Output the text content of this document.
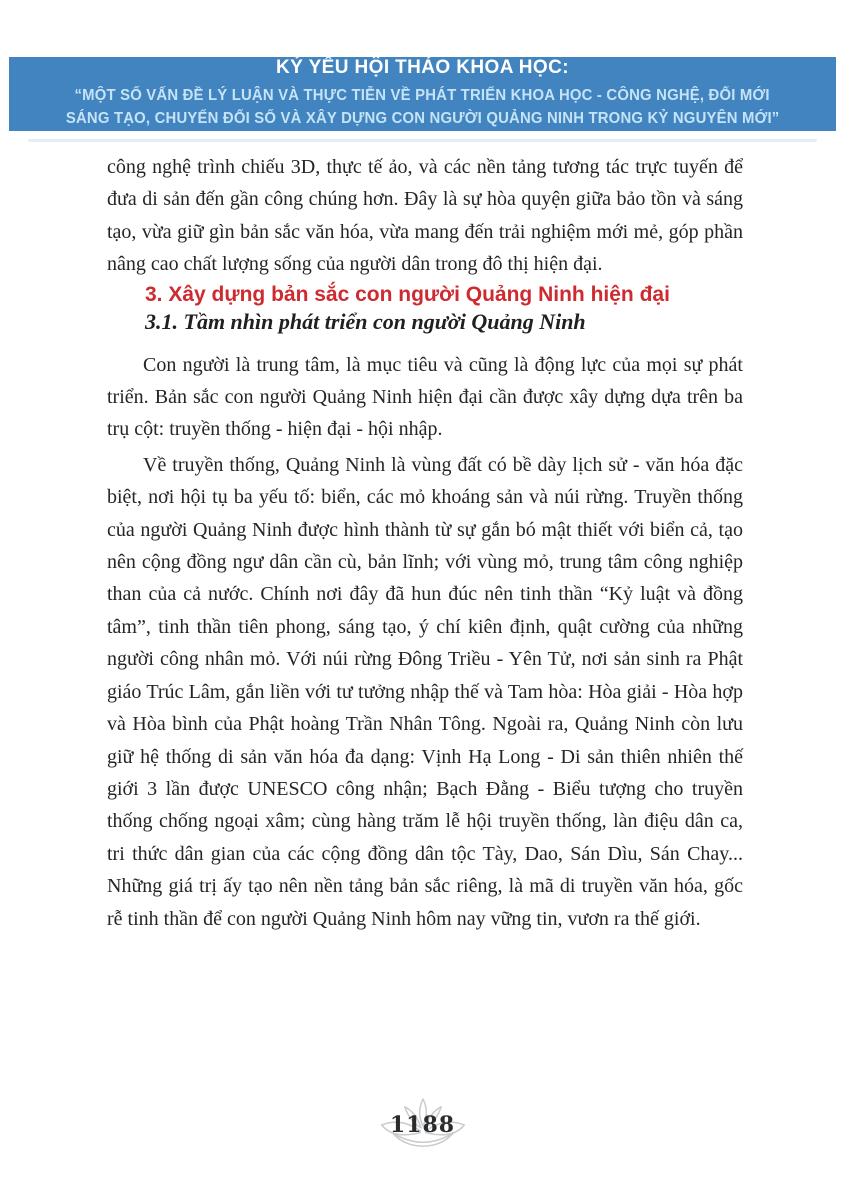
KỶ YẾU HỘI THẢO KHOA HỌC:
“MỘT SỐ VẤN ĐỀ LÝ LUẬN VÀ THỰC TIỄN VỀ PHÁT TRIỂN KHOA HỌC - CÔNG NGHỆ, ĐỔI MỚI
SÁNG TẠO, CHUYỂN ĐỔI SỐ VÀ XÂY DỰNG CON NGƯỜI QUẢNG NINH TRONG KỶ NGUYÊN MỚI”

công nghệ trình chiếu 3D, thực tế ảo, và các nền tảng tương tác trực tuyến để đưa di sản đến gần công chúng hơn. Đây là sự hòa quyện giữa bảo tồn và sáng tạo, vừa giữ gìn bản sắc văn hóa, vừa mang đến trải nghiệm mới mẻ, góp phần nâng cao chất lượng sống của người dân trong đô thị hiện đại.

3. Xây dựng bản sắc con người Quảng Ninh hiện đại

3.1. Tầm nhìn phát triển con người Quảng Ninh

Con người là trung tâm, là mục tiêu và cũng là động lực của mọi sự phát triển. Bản sắc con người Quảng Ninh hiện đại cần được xây dựng dựa trên ba trụ cột: truyền thống - hiện đại - hội nhập.

Về truyền thống, Quảng Ninh là vùng đất có bề dày lịch sử - văn hóa đặc biệt, nơi hội tụ ba yếu tố: biển, các mỏ khoáng sản và núi rừng. Truyền thống của người Quảng Ninh được hình thành từ sự gắn bó mật thiết với biển cả, tạo nên cộng đồng ngư dân cần cù, bản lĩnh; với vùng mỏ, trung tâm công nghiệp than của cả nước. Chính nơi đây đã hun đúc nên tinh thần “Kỷ luật và đồng tâm”, tinh thần tiên phong, sáng tạo, ý chí kiên định, quật cường của những người công nhân mỏ. Với núi rừng Đông Triều - Yên Tử, nơi sản sinh ra Phật giáo Trúc Lâm, gắn liền với tư tưởng nhập thế và Tam hòa: Hòa giải - Hòa hợp và Hòa bình của Phật hoàng Trần Nhân Tông. Ngoài ra, Quảng Ninh còn lưu giữ hệ thống di sản văn hóa đa dạng: Vịnh Hạ Long - Di sản thiên nhiên thế giới 3 lần được UNESCO công nhận; Bạch Đằng - Biểu tượng cho truyền thống chống ngoại xâm; cùng hàng trăm lễ hội truyền thống, làn điệu dân ca, tri thức dân gian của các cộng đồng dân tộc Tày, Dao, Sán Dìu, Sán Chay... Những giá trị ấy tạo nên nền tảng bản sắc riêng, là mã di truyền văn hóa, gốc rễ tinh thần để con người Quảng Ninh hôm nay vững tin, vươn ra thế giới.

1188
